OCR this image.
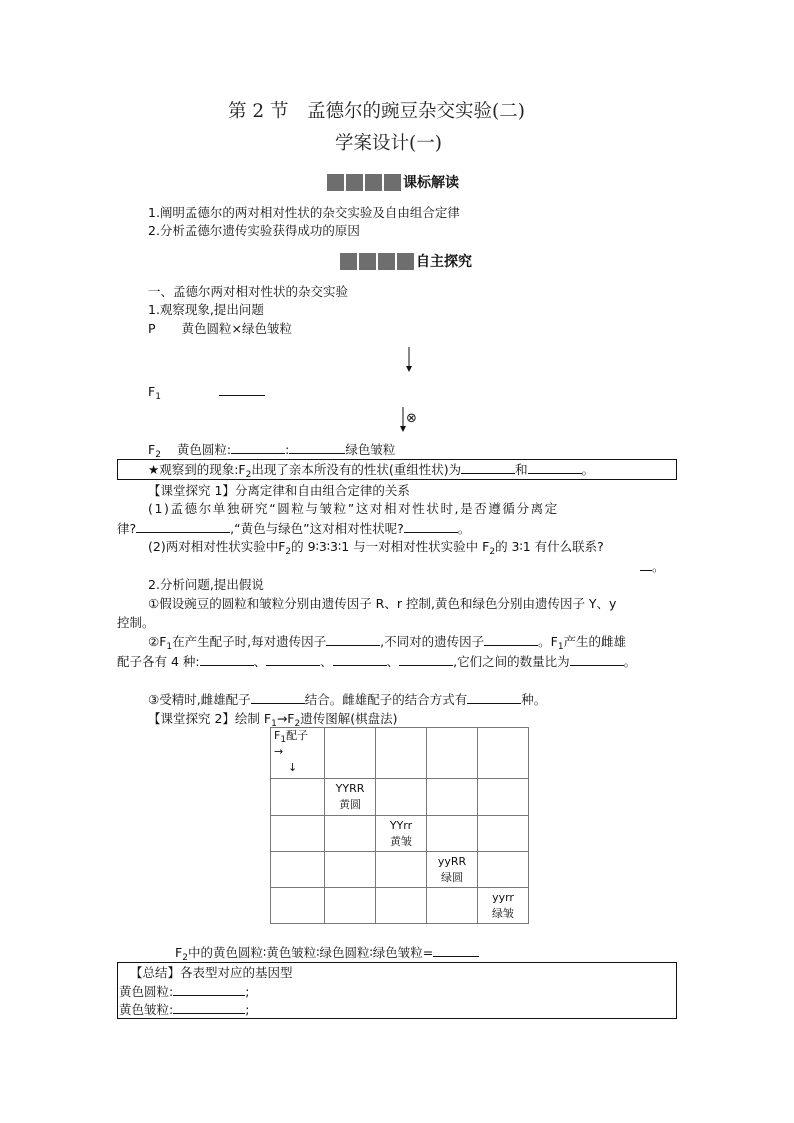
第 2 节　孟德尔的豌豆杂交实验(二)
学案设计(一)
课标解读
1.阐明孟德尔的两对相对性状的杂交实验及自由组合定律
2.分析孟德尔遗传实验获得成功的原因
自主探究
一、孟德尔两对相对性状的杂交实验
1.观察现象,提出问题
P 黄色圆粒×绿色皱粒
$F_1$
⊗
$F_2$ 黄色圆粒:	:	绿色皱粒
★观察到的现象$:F_2$出现了亲本所没有的性状(重组性状)为	和	。
【课堂探究 1】分离定律和自由组合定律的关系
(1)孟德尔单独研究“圆粒与皱粒”这对相对性状时,是否遵循分离定
律?	,“黄色与绿色”这对相对性状呢?	。
(2)两对相对性状实验中$F_2$的 9∶3∶3∶1 与一对相对性状实验中 $F_2$的 3∶1 有什么联系?
。
2.分析问题,提出假说
①假设豌豆的圆粒和皱粒分别由遗传因子 R、r 控制,黄色和绿色分别由遗传因子 Y、y
控制。
$②F_1$在产生配子时,每对遗传因子	,不同对的遗传因子	。$F_1$产生的雌雄
配子各有 4 种:	、	、	、	,它们之间的数量比为	。
③受精时,雌雄配子	结合。雌雄配子的结合方式有	种。
【课堂探究 2】绘制 $F_1\to F_2$遗传图解(棋盘法)
$F_1$配子
→
↓				

	YYRR
黄圆			

		YYrr
黄皱		

			yyRR
绿圆	

				yyrr
绿皱
$F_2$中的黄色圆粒∶黄色皱粒∶绿色圆粒∶绿色皱粒=
【总结】各表型对应的基因型
黄色圆粒:	;
黄色皱粒:	;
